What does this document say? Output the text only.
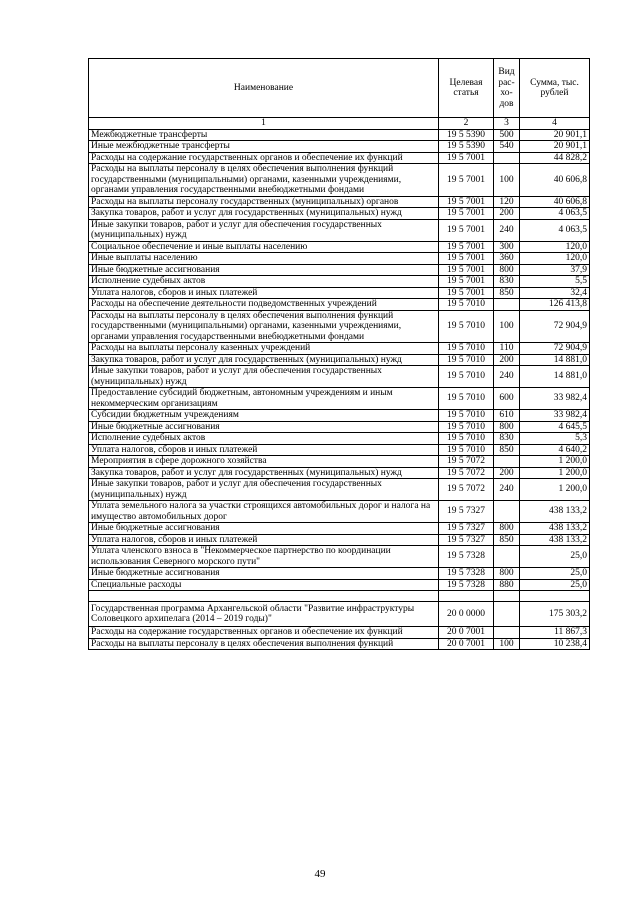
Наименование	Целевая статья	Вид рас-хо-дов	Сумма, тыс. рублей
1	2	3	4
Межбюджетные трансферты	19 5 5390	500	20 901,1
Иные межбюджетные трансферты	19 5 5390	540	20 901,1
Расходы на содержание государственных органов и обеспечение их функций	19 5 7001		44 828,2
Расходы на выплаты персоналу в целях обеспечения выполнения функций государственными (муниципальными) органами, казенными учреждениями, органами управления государственными внебюджетными фондами	19 5 7001	100	40 606,8
Расходы на выплаты персоналу государственных (муниципальных) органов	19 5 7001	120	40 606,8
Закупка товаров, работ и услуг для государственных (муниципальных) нужд	19 5 7001	200	4 063,5
Иные закупки товаров, работ и услуг для обеспечения государственных (муниципальных) нужд	19 5 7001	240	4 063,5
Социальное обеспечение и иные выплаты населению	19 5 7001	300	120,0
Иные выплаты населению	19 5 7001	360	120,0
Иные бюджетные ассигнования	19 5 7001	800	37,9
Исполнение судебных актов	19 5 7001	830	5,5
Уплата налогов, сборов и иных платежей	19 5 7001	850	32,4
Расходы на обеспечение деятельности подведомственных учреждений	19 5 7010		126 413,8
Расходы на выплаты персоналу в целях обеспечения выполнения функций государственными (муниципальными) органами, казенными учреждениями, органами управления государственными внебюджетными фондами	19 5 7010	100	72 904,9
Расходы на выплаты персоналу казенных учреждений	19 5 7010	110	72 904,9
Закупка товаров, работ и услуг для государственных (муниципальных) нужд	19 5 7010	200	14 881,0
Иные закупки товаров, работ и услуг для обеспечения государственных (муниципальных) нужд	19 5 7010	240	14 881,0
Предоставление субсидий бюджетным, автономным учреждениям и иным некоммерческим организациям	19 5 7010	600	33 982,4
Субсидии бюджетным учреждениям	19 5 7010	610	33 982,4
Иные бюджетные ассигнования	19 5 7010	800	4 645,5
Исполнение судебных актов	19 5 7010	830	5,3
Уплата налогов, сборов и иных платежей	19 5 7010	850	4 640,2
Мероприятия в сфере дорожного хозяйства	19 5 7072		1 200,0
Закупка товаров, работ и услуг для государственных (муниципальных) нужд	19 5 7072	200	1 200,0
Иные закупки товаров, работ и услуг для обеспечения государственных (муниципальных) нужд	19 5 7072	240	1 200,0
Уплата земельного налога за участки строящихся автомобильных дорог и налога на имущество автомобильных дорог	19 5 7327		438 133,2
Иные бюджетные ассигнования	19 5 7327	800	438 133,2
Уплата налогов, сборов и иных платежей	19 5 7327	850	438 133,2
Уплата членского взноса в "Некоммерческое партнерство по координации использования Северного морского пути"	19 5 7328		25,0
Иные бюджетные ассигнования	19 5 7328	800	25,0
Специальные расходы	19 5 7328	880	25,0

Государственная программа Архангельской области "Развитие инфраструктуры Соловецкого архипелага (2014 – 2019 годы)"	20 0 0000		175 303,2
Расходы на содержание государственных органов и обеспечение их функций	20 0 7001		11 867,3
Расходы на выплаты персоналу в целях обеспечения выполнения функций	20 0 7001	100	10 238,4
49
